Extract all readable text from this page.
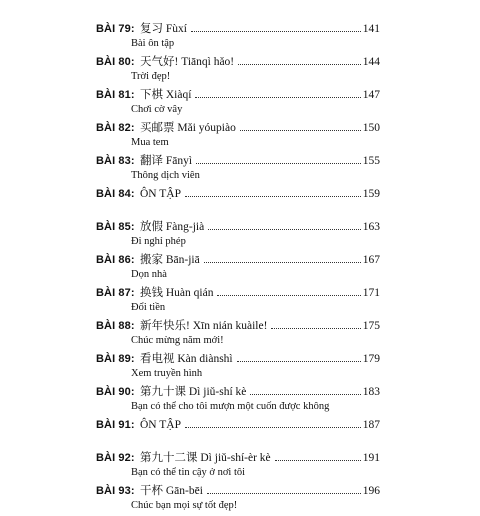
BÀI 79: 复习 Fùxí	141
Bài ôn tập
BÀI 80: 天气好! Tiānqì hǎo!	144
Trời đẹp!
BÀI 81: 下棋 Xiàqí	147
Chơi cờ vây
BÀI 82: 买邮票 Mǎi yóupiào	150
Mua tem
BÀI 83: 翻译 Fānyì	155
Thông dịch viên
BÀI 84: ÔN TẬP	159
BÀI 85: 放假 Fàng-jià	163
Đi nghỉ phép
BÀI 86: 搬家 Bān-jiā	167
Dọn nhà
BÀI 87: 换钱 Huàn qián	171
Đổi tiền
BÀI 88: 新年快乐! Xīn nián kuàile!	175
Chúc mừng năm mới!
BÀI 89: 看电视 Kàn diànshì	179
Xem truyền hình
BÀI 90: 第九十课 Dì jiǔ-shí kè	183
Bạn có thể cho tôi mượn một cuốn được không
BÀI 91: ÔN TẬP	187
BÀI 92: 第九十二课 Dì jiǔ-shí-èr kè	191
Bạn có thể tin cậy ở nơi tôi
BÀI 93: 干杯 Gān-bēi	196
Chúc bạn mọi sự tốt đẹp!
